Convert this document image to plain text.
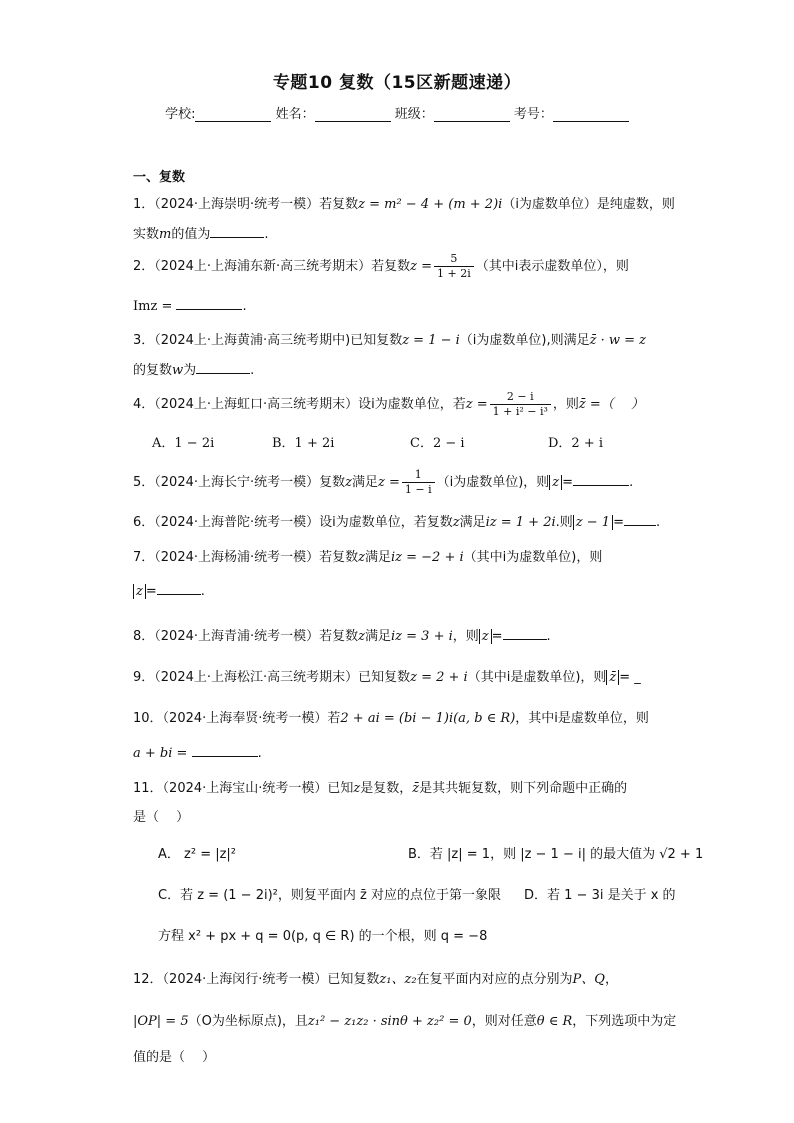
专题10 复数（15区新题速递）
学校:	姓名：	班级：	考号：
一、复数
1．（2024·上海崇明·统考一模）若复数z = m² − 4 + (m + 2)i（i为虚数单位）是纯虚数，则
实数m的值为	.
2．（2024上·上海浦东新·高三统考期末）若复数$z = \frac{5}{1 + 2i}$ （其中i表示虚数单位），则
Imz =	.
3．（2024上·上海黄浦·高三统考期中)已知复数z = 1 − i（i为虚数单位),则满足z̄ · w = z
的复数w为	.
4．（2024上·上海虹口·高三统考期末）设i为虚数单位，若$z = \frac{2 - i}{\text{1 + i² − i³}}$ ，则z̄ =（　 ）
A．1 − 2i	B．1 + 2i	C．2 − i	D．2 + i
5．（2024·上海长宁·统考一模）复数z满足$z = \frac{1}{1 - i} (i$为虚数单位)，则 z =	.
6．（2024·上海普陀·统考一模）设i为虚数单位，若复数z满足iz = 1 + 2i.则 z − 1 = .
7．（2024·上海杨浦·统考一模）若复数z满足iz = −2 + i（其中i为虚数单位)，则
z =	.
8．（2024·上海青浦·统考一模）若复数z满足iz = 3 + i，则 z =	.
9．（2024上·上海松江·高三统考期末）已知复数z = 2 + i（其中i是虚数单位)，则 z̄ = _
10．（2024·上海奉贤·统考一模）若2 + ai = (bi − 1)i(a, b ∈ R)，其中i是虚数单位，则
a + bi =	.
11．（2024·上海宝山·统考一模）已知z是复数，z̄是其共轭复数，则下列命题中正确的
是（　 ）
A． z² = |z|²	B．若 |z| = 1，则 |z − 1 − i| 的最大值为 √2 + 1
C．若 z = (1 − 2i)²，则复平面内 z̄ 对应的点位于第一象限 D．若 1 − 3i 是关于 x 的
方程 x² + px + q = 0(p, q ∈ R) 的一个根，则 q = −8
12．（2024·上海闵行·统考一模）已知复数z₁、z₂在复平面内对应的点分别为P、Q，
|OP| = 5（O为坐标原点)，且z₁² − z₁z₂ · sinθ + z₂² = 0，则对任意θ ∈ R，下列选项中为定
值的是（　 ）
